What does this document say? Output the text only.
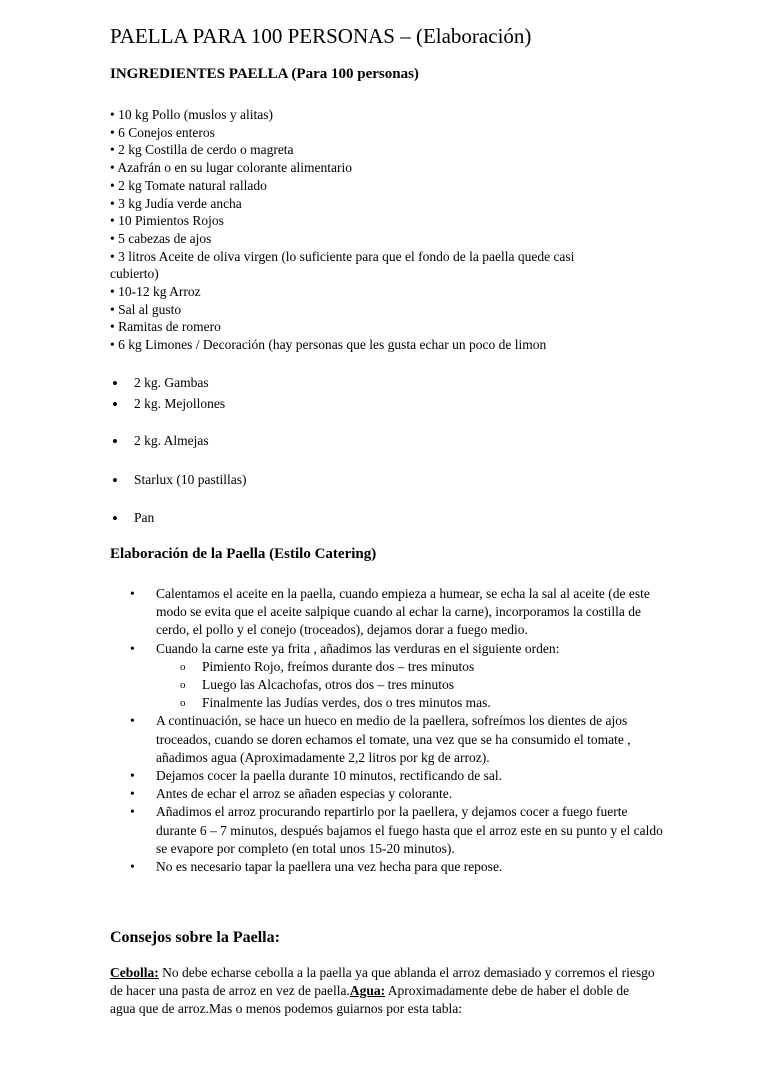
PAELLA PARA 100 PERSONAS – (Elaboración)
INGREDIENTES PAELLA (Para 100 personas)
• 10 kg Pollo (muslos y alitas)
• 6 Conejos enteros
• 2 kg Costilla de cerdo o magreta
• Azafrán o en su lugar colorante alimentario
• 2 kg Tomate natural rallado
• 3 kg Judía verde ancha
• 10 Pimientos Rojos
• 5 cabezas de ajos
• 3 litros Aceite de oliva virgen (lo suficiente para que el fondo de la paella quede casi
cubierto)
• 10-12 kg Arroz
• Sal al gusto
• Ramitas de romero
• 6 kg Limones / Decoración (hay personas que les gusta echar un poco de limon
• 2 kg. Gambas
• 2 kg. Mejollones
• 2 kg. Almejas
• Starlux (10 pastillas)
• Pan
Elaboración de la Paella (Estilo Catering)
• Calentamos el aceite en la paella, cuando empieza a humear, se echa la sal al aceite (de este modo se evita que el aceite salpique cuando al echar la carne), incorporamos la costilla de cerdo, el pollo y el conejo (troceados), dejamos dorar a fuego medio.
• Cuando la carne este ya frita , añadimos las verduras en el siguiente orden:
o Pimiento Rojo, freímos durante dos – tres minutos
o Luego las Alcachofas, otros dos – tres minutos
o Finalmente las Judías verdes, dos o tres minutos mas.
• A continuación, se hace un hueco en medio de la paellera, sofreímos los dientes de ajos troceados, cuando se doren echamos el tomate, una vez que se ha consumido el tomate , añadimos agua (Aproximadamente 2,2 litros por kg de arroz).
• Dejamos cocer la paella durante 10 minutos, rectificando de sal.
• Antes de echar el arroz se añaden especias y colorante.
• Añadimos el arroz procurando repartirlo por la paellera, y dejamos cocer a fuego fuerte durante 6 – 7 minutos, después bajamos el fuego hasta que el arroz este en su punto y el caldo se evapore por completo (en total unos 15-20 minutos).
• No es necesario tapar la paellera una vez hecha para que repose.
Consejos sobre la Paella:
Cebolla: No debe echarse cebolla a la paella ya que ablanda el arroz demasiado y corremos el riesgo de hacer una pasta de arroz en vez de paella.Agua: Aproximadamente debe de haber el doble de agua que de arroz.Mas o menos podemos guiarnos por esta tabla:
